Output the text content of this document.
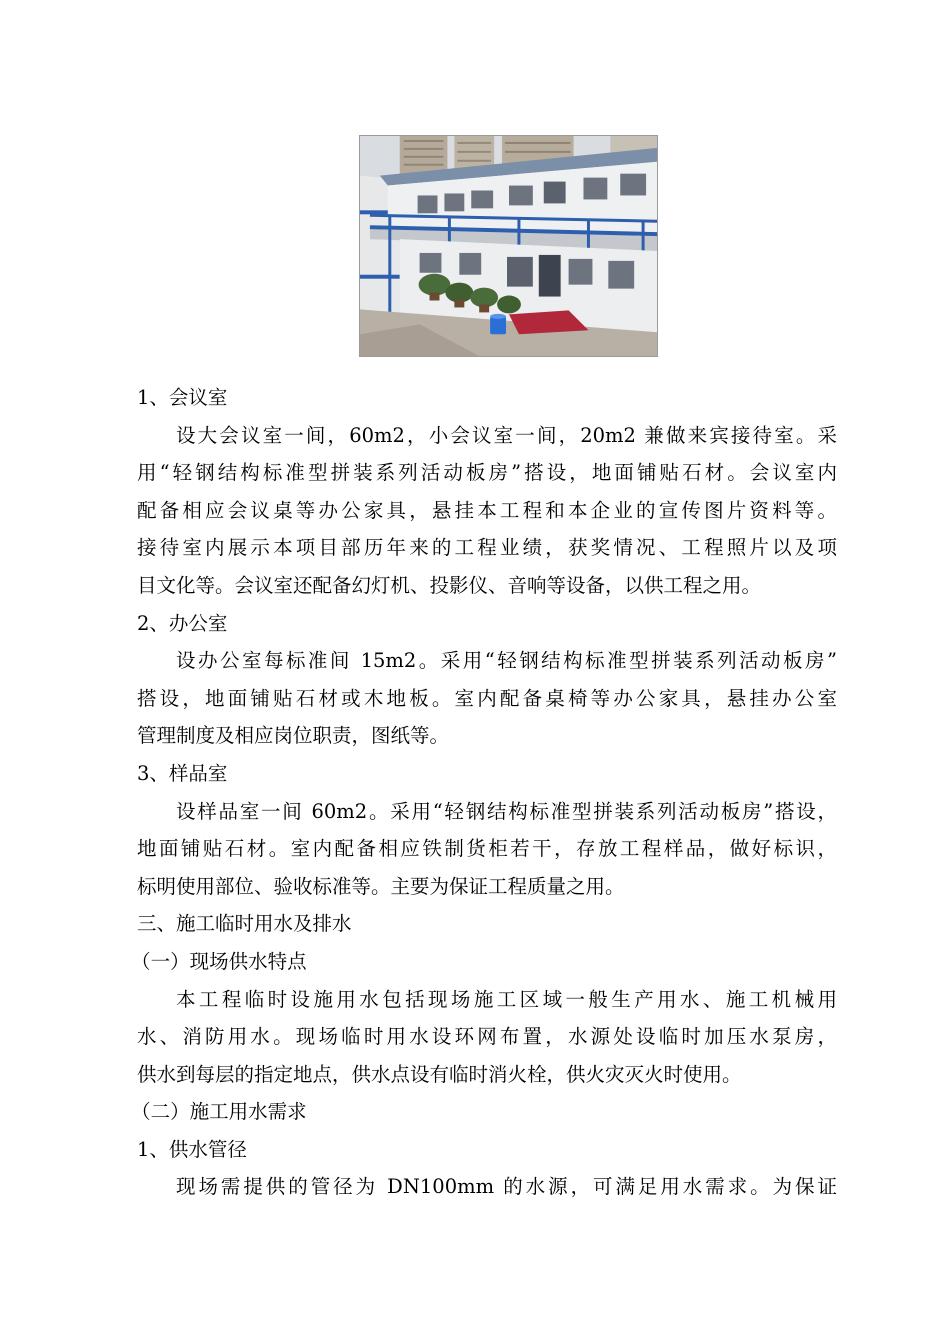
1、会议室

设大会议室一间，60m2，小会议室一间，20m2 兼做来宾接待室。采
用“轻钢结构标准型拼装系列活动板房”搭设，地面铺贴石材。会议室内
配备相应会议桌等办公家具，悬挂本工程和本企业的宣传图片资料等。
接待室内展示本项目部历年来的工程业绩，获奖情况、工程照片以及项
目文化等。会议室还配备幻灯机、投影仪、音响等设备，以供工程之用。

2、办公室

设办公室每标准间 15m2。采用“轻钢结构标准型拼装系列活动板房”
搭设，地面铺贴石材或木地板。室内配备桌椅等办公家具，悬挂办公室
管理制度及相应岗位职责，图纸等。

3、样品室

设样品室一间 60m2。采用“轻钢结构标准型拼装系列活动板房”搭设，
地面铺贴石材。室内配备相应铁制货柜若干，存放工程样品，做好标识，
标明使用部位、验收标准等。主要为保证工程质量之用。

三、施工临时用水及排水

（一）现场供水特点

本工程临时设施用水包括现场施工区域一般生产用水、施工机械用
水、消防用水。现场临时用水设环网布置，水源处设临时加压水泵房，
供水到每层的指定地点，供水点设有临时消火栓，供火灾灭火时使用。

（二）施工用水需求

1、供水管径

现场需提供的管径为 DN100mm 的水源，可满足用水需求。为保证
